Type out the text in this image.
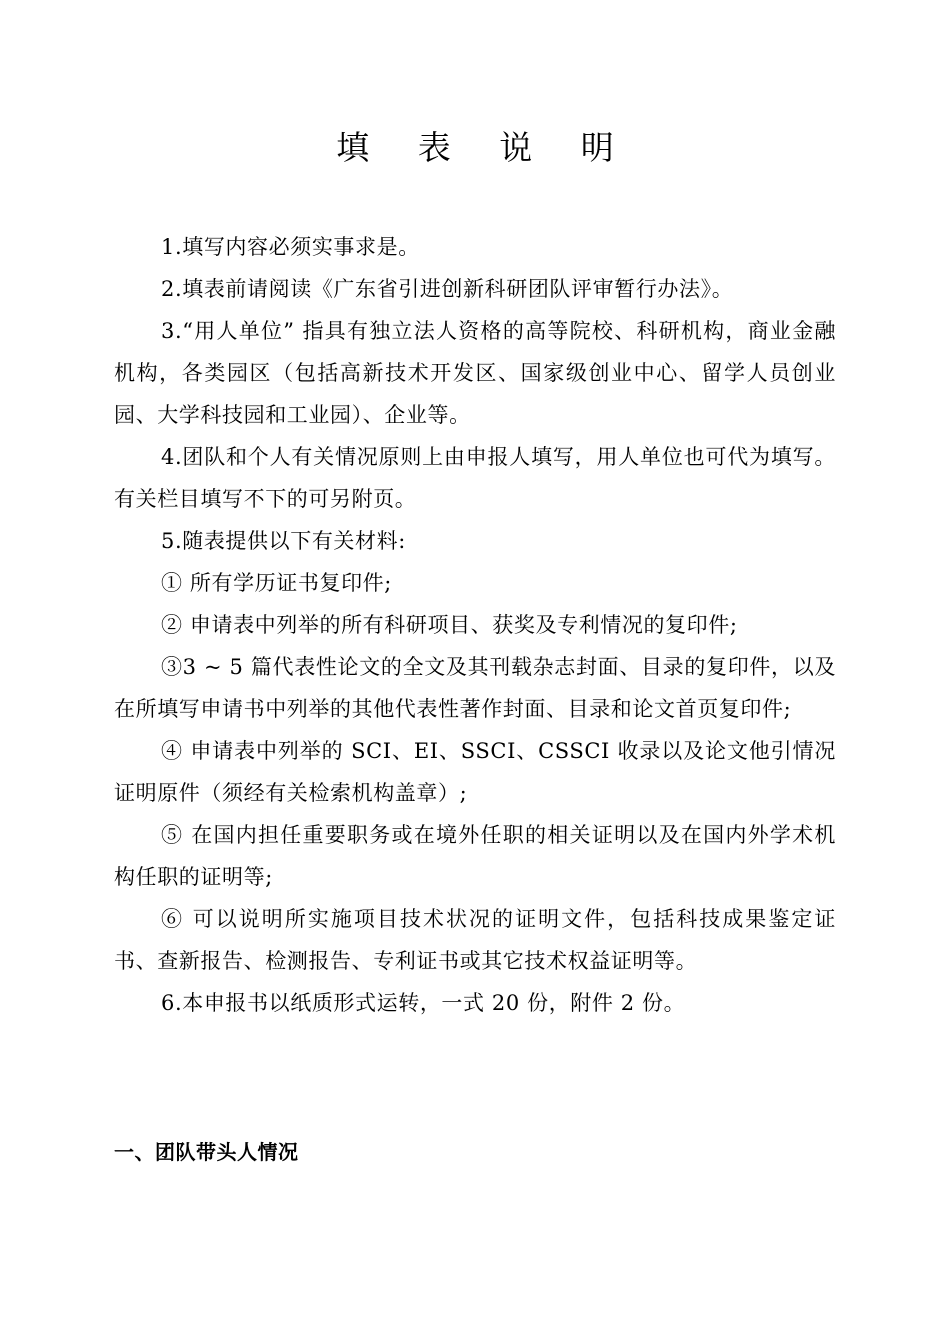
填 表 说 明

1.填写内容必须实事求是。

2.填表前请阅读《广东省引进创新科研团队评审暂行办法》。

3.“用人单位” 指具有独立法人资格的高等院校、科研机构，商业金融机构，各类园区（包括高新技术开发区、国家级创业中心、留学人员创业园、大学科技园和工业园）、企业等。

4.团队和个人有关情况原则上由申报人填写，用人单位也可代为填写。有关栏目填写不下的可另附页。

5.随表提供以下有关材料:

① 所有学历证书复印件;

② 申请表中列举的所有科研项目、获奖及专利情况的复印件;

③3 ~ 5 篇代表性论文的全文及其刊载杂志封面、目录的复印件，以及在所填写申请书中列举的其他代表性著作封面、目录和论文首页复印件;

④ 申请表中列举的 SCI、EI、SSCI、CSSCI 收录以及论文他引情况证明原件（须经有关检索机构盖章）;

⑤ 在国内担任重要职务或在境外任职的相关证明以及在国内外学术机构任职的证明等;

⑥ 可以说明所实施项目技术状况的证明文件，包括科技成果鉴定证书、查新报告、检测报告、专利证书或其它技术权益证明等。

6.本申报书以纸质形式运转，一式 20 份，附件 2 份。

一、团队带头人情况
